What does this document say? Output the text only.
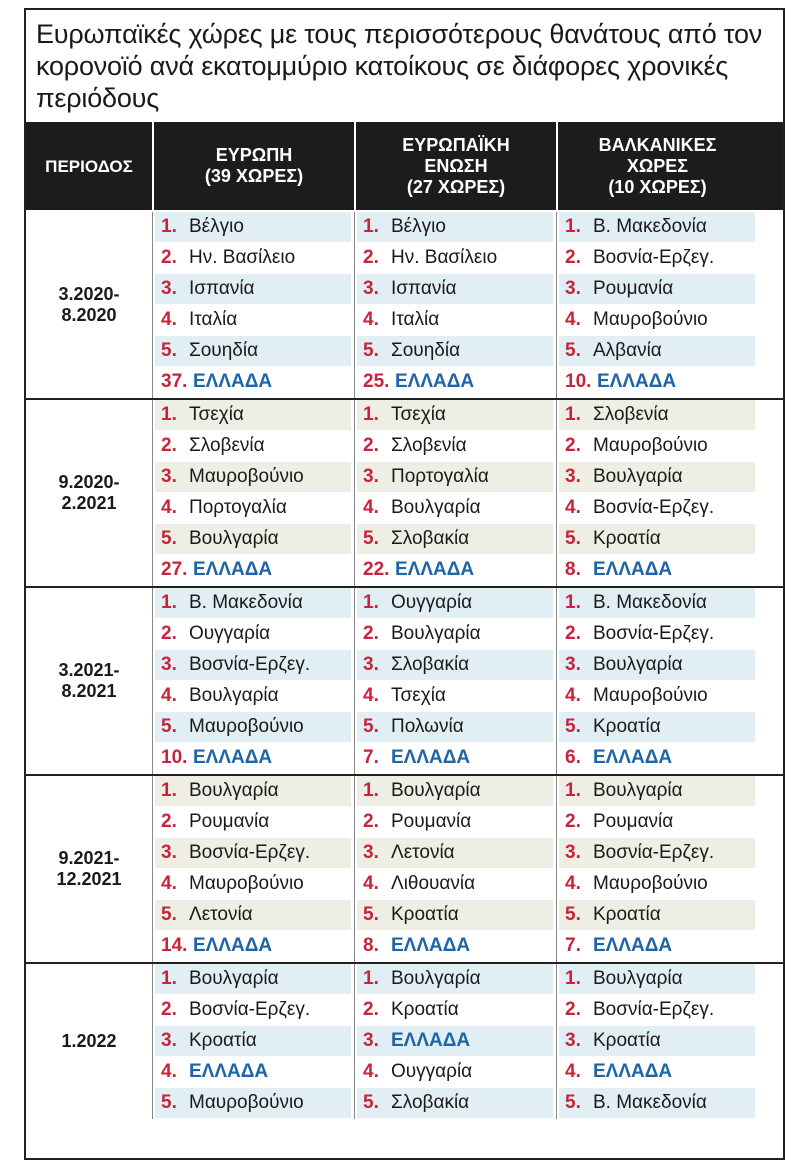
Ευρωπαϊκές χώρες με τους περισσότερους θανάτους από τον κορονοϊό ανά εκατομμύριο κατοίκους σε διάφορες χρονικές περιόδους
ΠΕΡΙΟΔΟΣ
ΕΥΡΩΠΗ
(39 ΧΩΡΕΣ)
ΕΥΡΩΠΑΪΚΗ
ΕΝΩΣΗ
(27 ΧΩΡΕΣ)
ΒΑΛΚΑΝΙΚΕΣ
ΧΩΡΕΣ
(10 ΧΩΡΕΣ)
3.2020-
8.2020
1. Βέλγιο
2. Ην. Βασίλειο
3. Ισπανία
4. Ιταλία
5. Σουηδία
37. ΕΛΛΑΔΑ
1. Βέλγιο
2. Ην. Βασίλειο
3. Ισπανία
4. Ιταλία
5. Σουηδία
25. ΕΛΛΑΔΑ
1. Β. Μακεδονία
2. Βοσνία-Ερζεγ.
3. Ρουμανία
4. Μαυροβούνιο
5. Αλβανία
10. ΕΛΛΑΔΑ
9.2020-
2.2021
1. Τσεχία
2. Σλοβενία
3. Μαυροβούνιο
4. Πορτογαλία
5. Βουλγαρία
27. ΕΛΛΑΔΑ
1. Τσεχία
2. Σλοβενία
3. Πορτογαλία
4. Βουλγαρία
5. Σλοβακία
22. ΕΛΛΑΔΑ
1. Σλοβενία
2. Μαυροβούνιο
3. Βουλγαρία
4. Βοσνία-Ερζεγ.
5. Κροατία
8. ΕΛΛΑΔΑ
3.2021-
8.2021
1. Β. Μακεδονία
2. Ουγγαρία
3. Βοσνία-Ερζεγ.
4. Βουλγαρία
5. Μαυροβούνιο
10. ΕΛΛΑΔΑ
1. Ουγγαρία
2. Βουλγαρία
3. Σλοβακία
4. Τσεχία
5. Πολωνία
7. ΕΛΛΑΔΑ
1. Β. Μακεδονία
2. Βοσνία-Ερζεγ.
3. Βουλγαρία
4. Μαυροβούνιο
5. Κροατία
6. ΕΛΛΑΔΑ
9.2021-
12.2021
1. Βουλγαρία
2. Ρουμανία
3. Βοσνία-Ερζεγ.
4. Μαυροβούνιο
5. Λετονία
14. ΕΛΛΑΔΑ
1. Βουλγαρία
2. Ρουμανία
3. Λετονία
4. Λιθουανία
5. Κροατία
8. ΕΛΛΑΔΑ
1. Βουλγαρία
2. Ρουμανία
3. Βοσνία-Ερζεγ.
4. Μαυροβούνιο
5. Κροατία
7. ΕΛΛΑΔΑ
1.2022
1. Βουλγαρία
2. Βοσνία-Ερζεγ.
3. Κροατία
4. ΕΛΛΑΔΑ
5. Μαυροβούνιο
1. Βουλγαρία
2. Κροατία
3. ΕΛΛΑΔΑ
4. Ουγγαρία
5. Σλοβακία
1. Βουλγαρία
2. Βοσνία-Ερζεγ.
3. Κροατία
4. ΕΛΛΑΔΑ
5. Β. Μακεδονία
